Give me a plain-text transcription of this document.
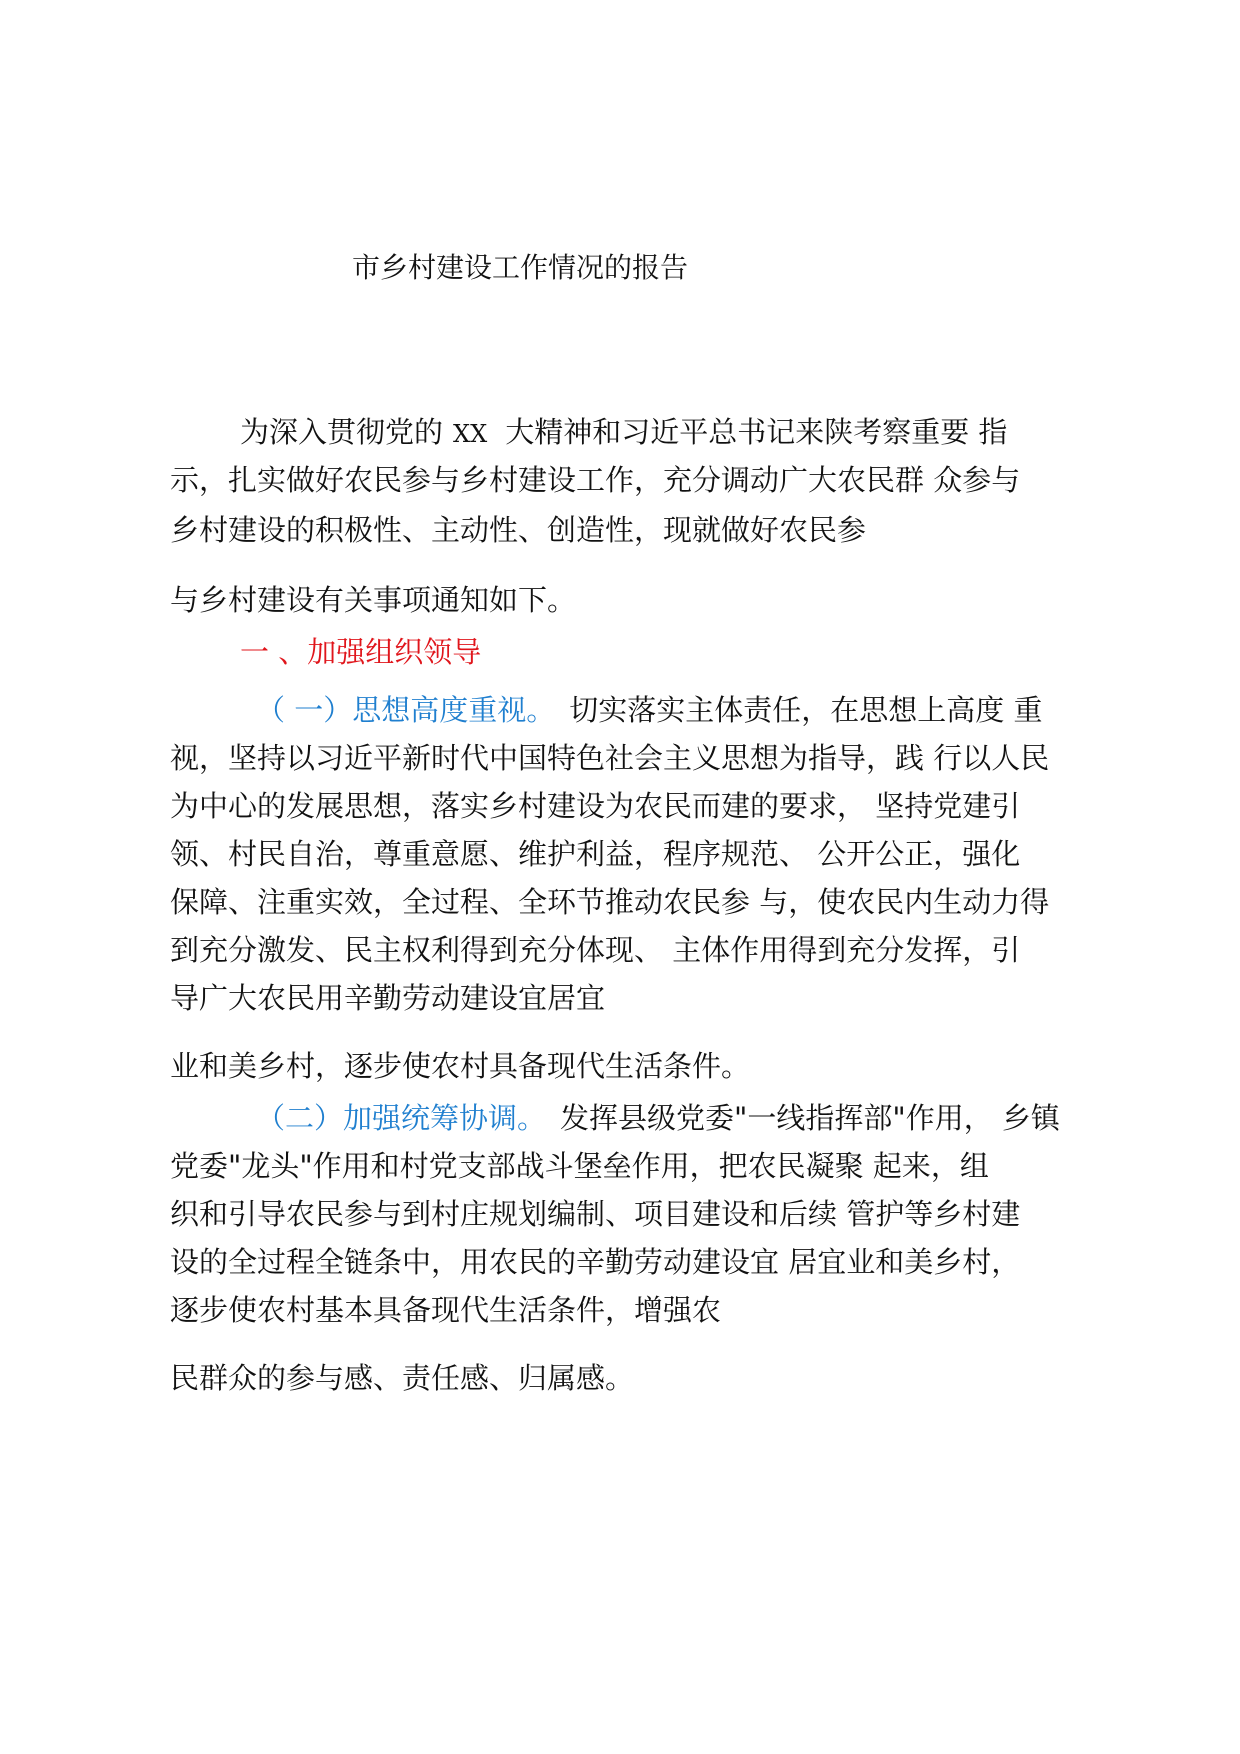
市乡村建设工作情况的报告
为深入贯彻党的 XX 大精神和习近平总书记来陕考察重要 指
示，扎实做好农民参与乡村建设工作，充分调动广大农民群 众参与
乡村建设的积极性、主动性、创造性，现就做好农民参
与乡村建设有关事项通知如下。
一 、加强组织领导
（ 一）思想高度重视。 切实落实主体责任，在思想上高度 重
视，坚持以习近平新时代中国特色社会主义思想为指导，践 行以人民
为中心的发展思想，落实乡村建设为农民而建的要求， 坚持党建引
领、村民自治，尊重意愿、维护利益，程序规范、 公开公正，强化
保障、注重实效，全过程、全环节推动农民参 与，使农民内生动力得
到充分激发、民主权利得到充分体现、 主体作用得到充分发挥，引
导广大农民用辛勤劳动建设宜居宜
业和美乡村，逐步使农村具备现代生活条件。
（二）加强统筹协调。 发挥县级党委"一线指挥部"作用， 乡镇
党委"龙头"作用和村党支部战斗堡垒作用，把农民凝聚 起来，组
织和引导农民参与到村庄规划编制、项目建设和后续 管护等乡村建
设的全过程全链条中，用农民的辛勤劳动建设宜 居宜业和美乡村，
逐步使农村基本具备现代生活条件，增强农
民群众的参与感、责任感、归属感。
